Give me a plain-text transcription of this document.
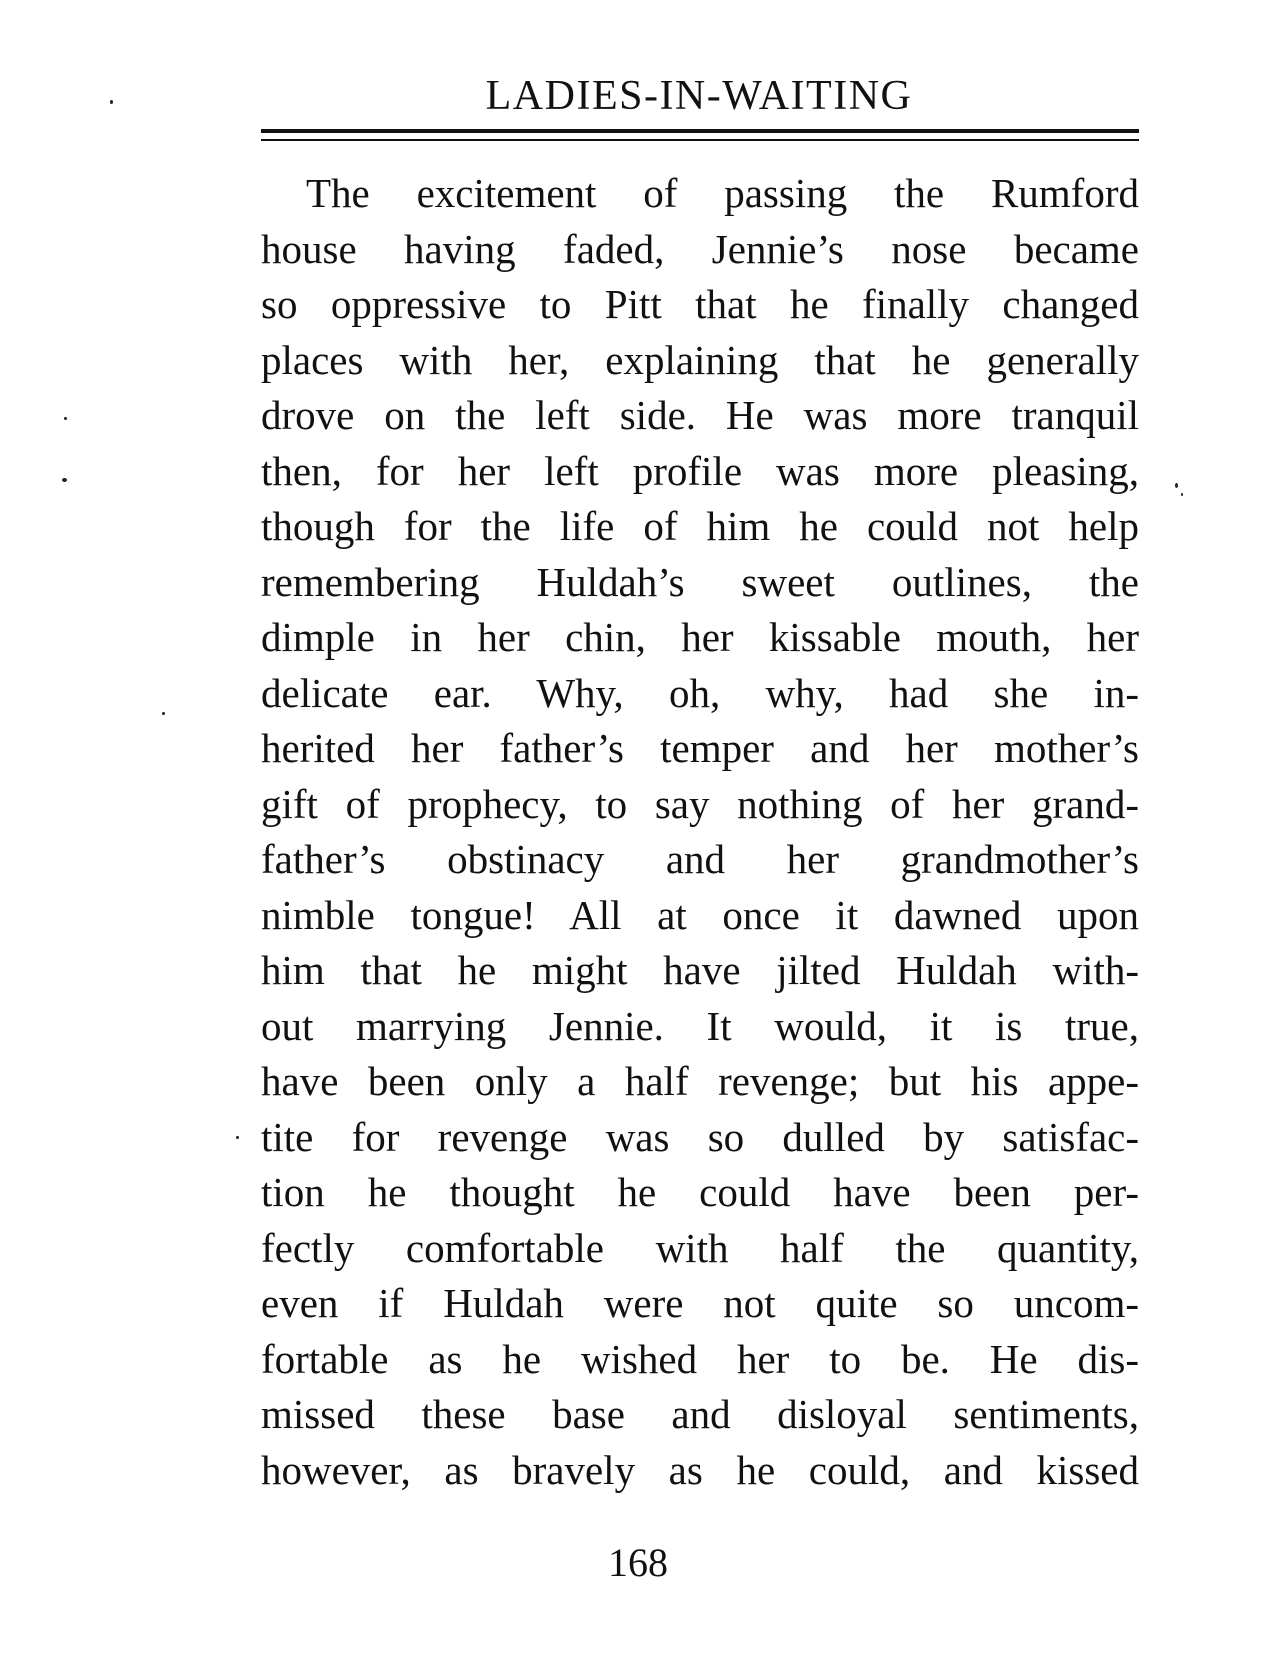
LADIES-IN-WAITING
The excitement of passing the Rumford
house having faded, Jennie’s nose became
so oppressive to Pitt that he finally changed
places with her, explaining that he generally
drove on the left side. He was more tranquil
then, for her left profile was more pleasing,
though for the life of him he could not help
remembering Huldah’s sweet outlines, the
dimple in her chin, her kissable mouth, her
delicate ear. Why, oh, why, had she in-
herited her father’s temper and her mother’s
gift of prophecy, to say nothing of her grand-
father’s obstinacy and her grandmother’s
nimble tongue! All at once it dawned upon
him that he might have jilted Huldah with-
out marrying Jennie. It would, it is true,
have been only a half revenge; but his appe-
tite for revenge was so dulled by satisfac-
tion he thought he could have been per-
fectly comfortable with half the quantity,
even if Huldah were not quite so uncom-
fortable as he wished her to be. He dis-
missed these base and disloyal sentiments,
however, as bravely as he could, and kissed
168
